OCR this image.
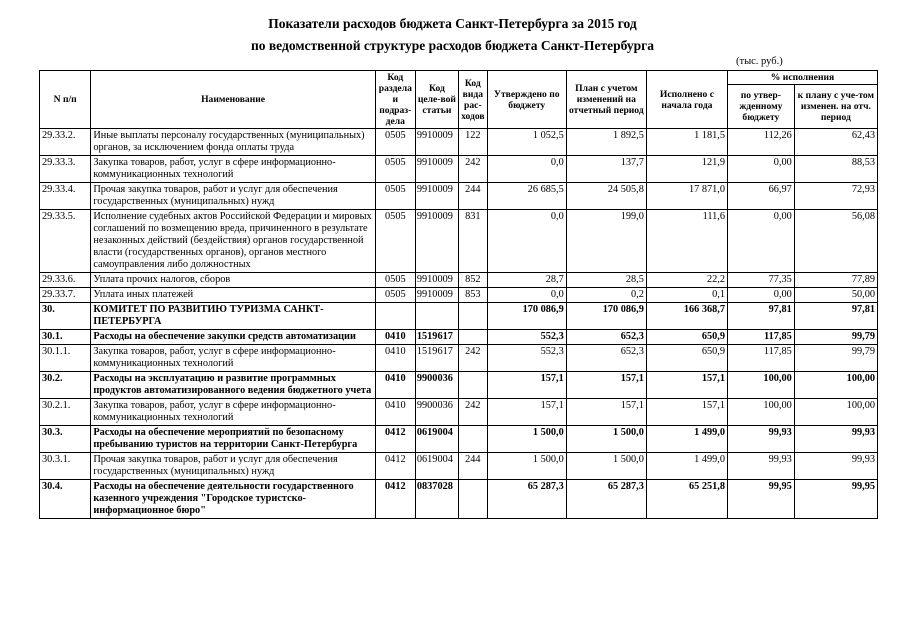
Показатели расходов бюджета Санкт-Петербурга за 2015 год
по ведомственной структуре расходов бюджета Санкт-Петербурга
(тыс. руб.)
N п/п	Наименование	Код раздела и подраз-дела	Код целе-вой статьи	Код вида рас-ходов	Утверждено по бюджету	План с учетом изменений на отчетный период	Исполнено с начала года	% исполнения	
								по утвер-жденному бюджету	к плану с уче-том изменен. на отч. период
29.33.2.	Иные выплаты персоналу государственных (муниципальных) органов, за исключением фонда оплаты труда	0505	9910009	122	1 052,5	1 892,5	1 181,5	112,26	62,43
29.33.3.	Закупка товаров, работ, услуг в сфере информационно-коммуникационных технологий	0505	9910009	242	0,0	137,7	121,9	0,00	88,53
29.33.4.	Прочая закупка товаров, работ и услуг для обеспечения государственных (муниципальных) нужд	0505	9910009	244	26 685,5	24 505,8	17 871,0	66,97	72,93
29.33.5.	Исполнение судебных актов Российской Федерации и мировых соглашений по возмещению вреда, причиненного в результате незаконных действий (бездействия) органов государственной власти (государственных органов), органов местного самоуправления либо должностных	0505	9910009	831	0,0	199,0	111,6	0,00	56,08
29.33.6.	Уплата прочих налогов, сборов	0505	9910009	852	28,7	28,5	22,2	77,35	77,89
29.33.7.	Уплата иных платежей	0505	9910009	853	0,0	0,2	0,1	0,00	50,00
30.	КОМИТЕТ ПО РАЗВИТИЮ ТУРИЗМА САНКТ-ПЕТЕРБУРГА				170 086,9	170 086,9	166 368,7	97,81	97,81
30.1.	Расходы на обеспечение закупки средств автоматизации	0410	1519617		552,3	652,3	650,9	117,85	99,79
30.1.1.	Закупка товаров, работ, услуг в сфере информационно-коммуникационных технологий	0410	1519617	242	552,3	652,3	650,9	117,85	99,79
30.2.	Расходы на эксплуатацию и развитие программных продуктов автоматизированного ведения бюджетного учета	0410	9900036		157,1	157,1	157,1	100,00	100,00
30.2.1.	Закупка товаров, работ, услуг в сфере информационно-коммуникационных технологий	0410	9900036	242	157,1	157,1	157,1	100,00	100,00
30.3.	Расходы на обеспечение мероприятий по безопасному пребыванию туристов на территории Санкт-Петербурга	0412	0619004		1 500,0	1 500,0	1 499,0	99,93	99,93
30.3.1.	Прочая закупка товаров, работ и услуг для обеспечения государственных (муниципальных) нужд	0412	0619004	244	1 500,0	1 500,0	1 499,0	99,93	99,93
30.4.	Расходы на обеспечение деятельности государственного казенного учреждения "Городское туристско-информационное бюро"	0412	0837028		65 287,3	65 287,3	65 251,8	99,95	99,95
